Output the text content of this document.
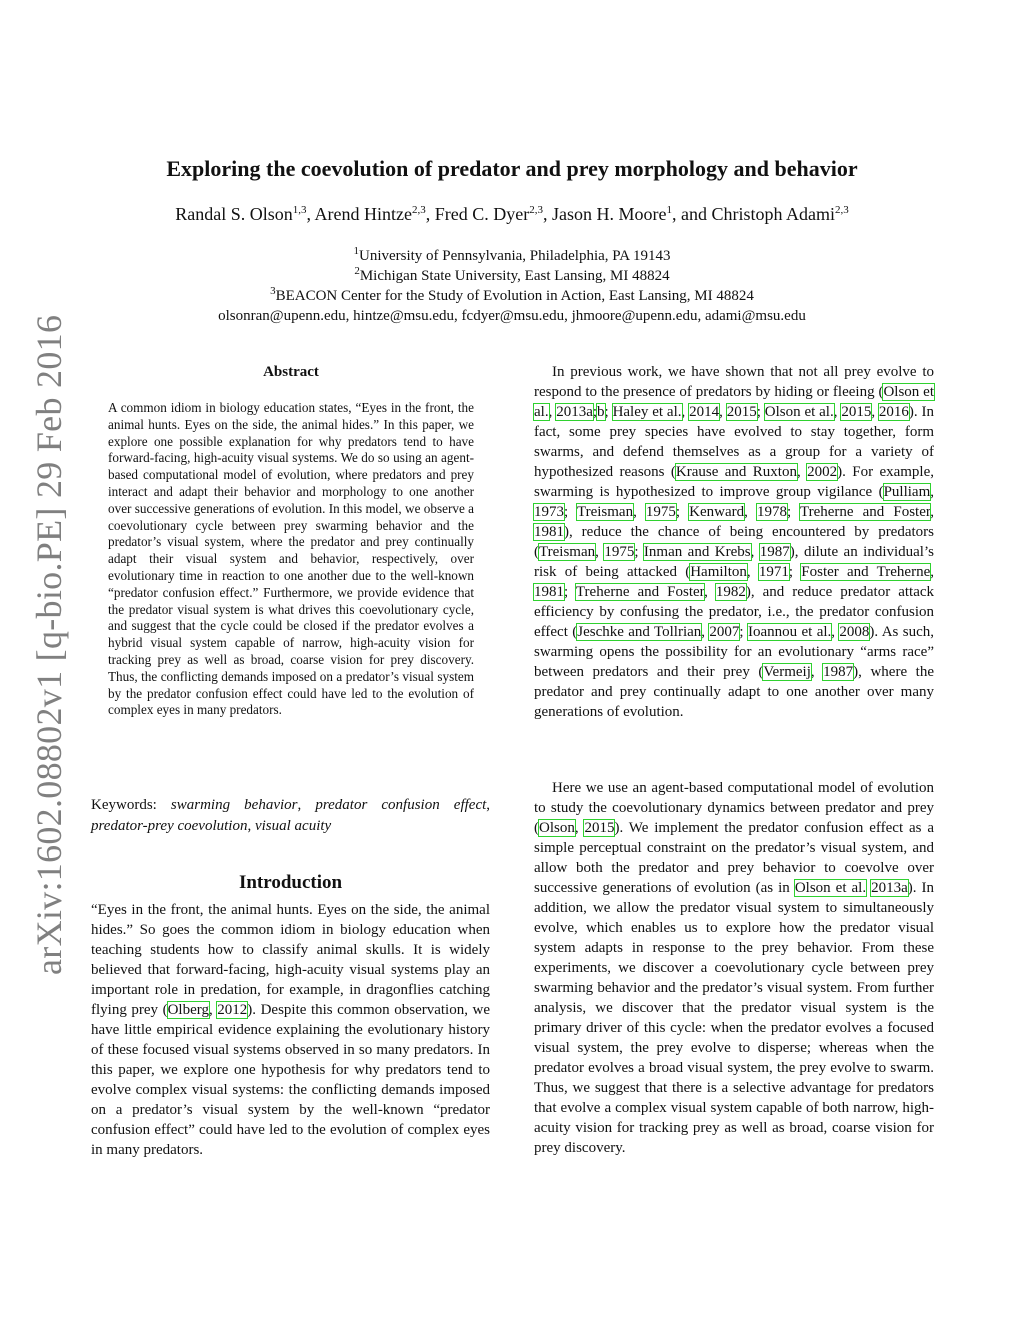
arXiv:1602.08802v1 [q-bio.PE] 29 Feb 2016
Exploring the coevolution of predator and prey morphology and behavior
Randal S. Olson$^{1,3}$, Arend Hintze$^{2,3}$, Fred C. Dyer$^{2,3}$, Jason H. Moore$^1$, and Christoph Adami$^{2,3}$
$^1$University of Pennsylvania, Philadelphia, PA 19143
$^2$Michigan State University, East Lansing, MI 48824
$^3$BEACON Center for the Study of Evolution in Action, East Lansing, MI 48824
olsonran@upenn.edu, hintze@msu.edu, fcdyer@msu.edu, jhmoore@upenn.edu, adami@msu.edu
Abstract
A common idiom in biology education states, “Eyes in the front, the animal hunts. Eyes on the side, the animal hides.” In this paper, we explore one possible explanation for why predators tend to have forward-facing, high-acuity visual systems. We do so using an agent-based computational model of evolution, where predators and prey interact and adapt their behavior and morphology to one another over successive generations of evolution. In this model, we observe a coevolutionary cycle between prey swarming behavior and the predator’s visual system, where the predator and prey continually adapt their visual system and behavior, respectively, over evolutionary time in reaction to one another due to the well-known “predator confusion effect.” Furthermore, we provide evidence that the predator visual system is what drives this coevolutionary cycle, and suggest that the cycle could be closed if the predator evolves a hybrid visual system capable of narrow, high-acuity vision for tracking prey as well as broad, coarse vision for prey discovery. Thus, the conflicting demands imposed on a predator’s visual system by the predator confusion effect could have led to the evolution of complex eyes in many predators.
Keywords: swarming behavior, predator confusion effect, predator-prey coevolution, visual acuity
Introduction
“Eyes in the front, the animal hunts. Eyes on the side, the animal hides.” So goes the common idiom in biology education when teaching students how to classify animal skulls. It is widely believed that forward-facing, high-acuity visual systems play an important role in predation, for example, in dragonflies catching flying prey (Olberg, 2012). Despite this common observation, we have little empirical evidence explaining the evolutionary history of these focused visual systems observed in so many predators. In this paper, we explore one hypothesis for why predators tend to evolve complex visual systems: the conflicting demands imposed on a predator’s visual system by the well-known “predator confusion effect” could have led to the evolution of complex eyes in many predators.
In previous work, we have shown that not all prey evolve to respond to the presence of predators by hiding or fleeing (Olson et al., 2013a;b; Haley et al., 2014, 2015; Olson et al., 2015, 2016). In fact, some prey species have evolved to stay together, form swarms, and defend themselves as a group for a variety of hypothesized reasons (Krause and Ruxton, 2002). For example, swarming is hypothesized to improve group vigilance (Pulliam, 1973; Treisman, 1975; Kenward, 1978; Treherne and Foster, 1981), reduce the chance of being encountered by predators (Treisman, 1975; Inman and Krebs, 1987), dilute an individual’s risk of being attacked (Hamilton, 1971; Foster and Treherne, 1981; Treherne and Foster, 1982), and reduce predator attack efficiency by confusing the predator, i.e., the predator confusion effect (Jeschke and Tollrian, 2007; Ioannou et al., 2008). As such, swarming opens the possibility for an evolutionary “arms race” between predators and their prey (Vermeij, 1987), where the predator and prey continually adapt to one another over many generations of evolution.
Here we use an agent-based computational model of evolution to study the coevolutionary dynamics between predator and prey (Olson, 2015). We implement the predator confusion effect as a simple perceptual constraint on the predator’s visual system, and allow both the predator and prey behavior to coevolve over successive generations of evolution (as in Olson et al. 2013a). In addition, we allow the predator visual system to simultaneously evolve, which enables us to explore how the predator visual system adapts in response to the prey behavior. From these experiments, we discover a coevolutionary cycle between prey swarming behavior and the predator’s visual system. From further analysis, we discover that the predator visual system is the primary driver of this cycle: when the predator evolves a focused visual system, the prey evolve to disperse; whereas when the predator evolves a broad visual system, the prey evolve to swarm. Thus, we suggest that there is a selective advantage for predators that evolve a complex visual system capable of both narrow, high-acuity vision for tracking prey as well as broad, coarse vision for prey discovery.
